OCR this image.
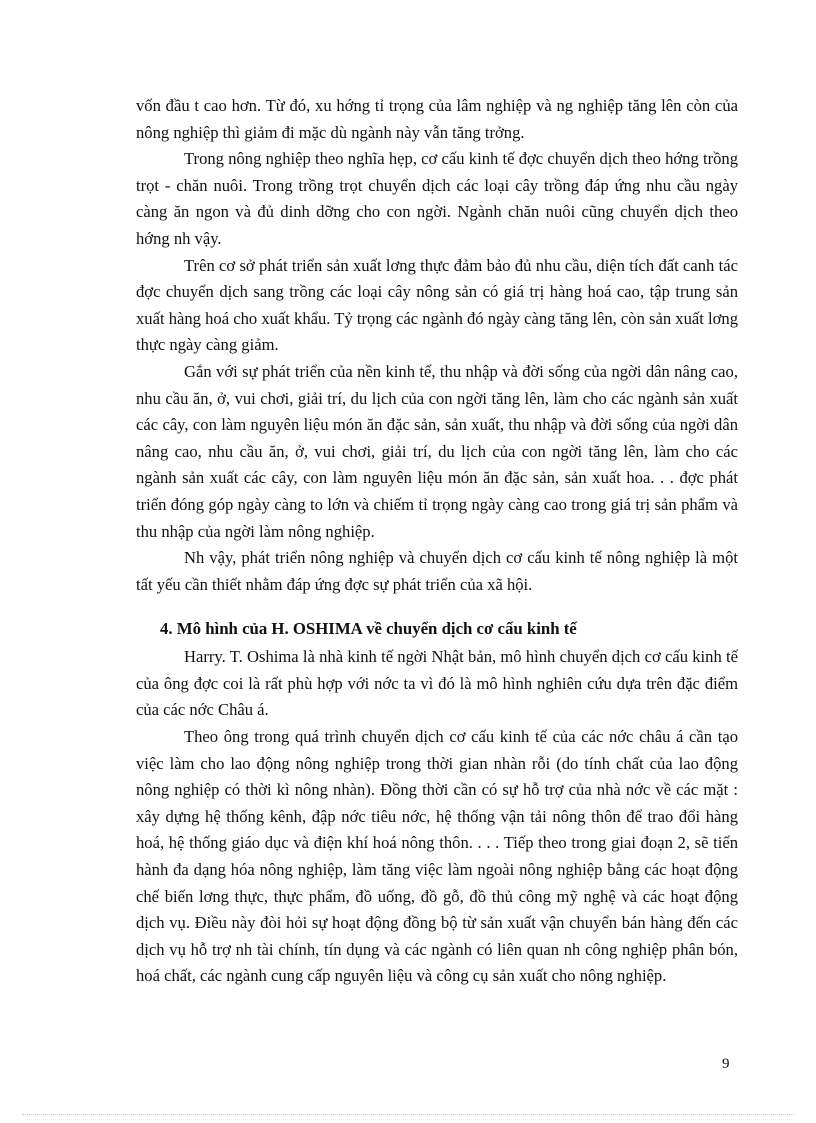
vốn đầu t cao hơn. Từ đó, xu hớng tỉ trọng của lâm nghiệp và ng nghiệp tăng lên còn của nông nghiệp thì giảm đi mặc dù ngành này vẫn tăng trởng.

Trong nông nghiệp theo nghĩa hẹp, cơ cấu kinh tế đợc chuyển dịch theo hớng trồng trọt - chăn nuôi. Trong trồng trọt chuyển dịch các loại cây trồng đáp ứng nhu cầu ngày càng ăn ngon và đủ dinh dỡng cho con ngời. Ngành chăn nuôi cũng chuyển dịch theo hớng nh vậy.

Trên cơ sở phát triển sản xuất lơng thực đảm bảo đủ nhu cầu, diện tích đất canh tác đợc chuyển dịch sang trồng các loại cây nông sản có giá trị hàng hoá cao, tập trung sản xuất hàng hoá cho xuất khẩu. Tỷ trọng các ngành đó ngày càng tăng lên, còn sản xuất lơng thực ngày càng giảm.

Gắn với sự phát triển của nền kinh tế, thu nhập và đời sống của ngời dân nâng cao, nhu cầu ăn, ở, vui chơi, giải trí, du lịch của con ngời tăng lên, làm cho các ngành sản xuất các cây, con làm nguyên liệu món ăn đặc sản, sản xuất, thu nhập và đời sống của ngời dân nâng cao, nhu cầu ăn, ở, vui chơi, giải trí, du lịch của con ngời tăng lên, làm cho các ngành sản xuất các cây, con làm nguyên liệu món ăn đặc sản, sản xuất hoa. . . đợc phát triển đóng góp ngày càng to lớn và chiếm tỉ trọng ngày càng cao trong giá trị sản phẩm và thu nhập của ngời làm nông nghiệp.

Nh vậy, phát triển nông nghiệp và chuyển dịch cơ cấu kinh tế nông nghiệp là một tất yếu cần thiết nhằm đáp ứng đợc sự phát triển của xã hội.

4. Mô hình của H. OSHIMA về chuyển dịch cơ cấu kinh tế

Harry. T. Oshima là nhà kinh tế ngời Nhật bản, mô hình chuyển dịch cơ cấu kinh tế của ông đợc coi là rất phù hợp với nớc ta vì đó là mô hình nghiên cứu dựa trên đặc điểm của các nớc Châu á.

Theo ông trong quá trình chuyển dịch cơ cấu kinh tế của các nớc châu á cần tạo việc làm cho lao động nông nghiệp trong thời gian nhàn rỗi (do tính chất của lao động nông nghiệp có thời kì nông nhàn). Đồng thời cần có sự hỗ trợ của nhà nớc về các mặt : xây dựng hệ thống kênh, đập nớc tiêu nớc, hệ thống vận tải nông thôn để trao đổi hàng hoá, hệ thống giáo dục và điện khí hoá nông thôn. . . . Tiếp theo trong giai đoạn 2, sẽ tiến hành đa dạng hóa nông nghiệp, làm tăng việc làm ngoài nông nghiệp bằng các hoạt động chế biến lơng thực, thực phẩm, đồ uống, đồ gỗ, đồ thủ công mỹ nghệ và các hoạt động dịch vụ. Điều này đòi hỏi sự hoạt động đồng bộ từ sản xuất vận chuyển bán hàng đến các dịch vụ hỗ trợ nh tài chính, tín dụng và các ngành có liên quan nh công nghiệp phân bón, hoá chất, các ngành cung cấp nguyên liệu và công cụ sản xuất cho nông nghiệp.

9
